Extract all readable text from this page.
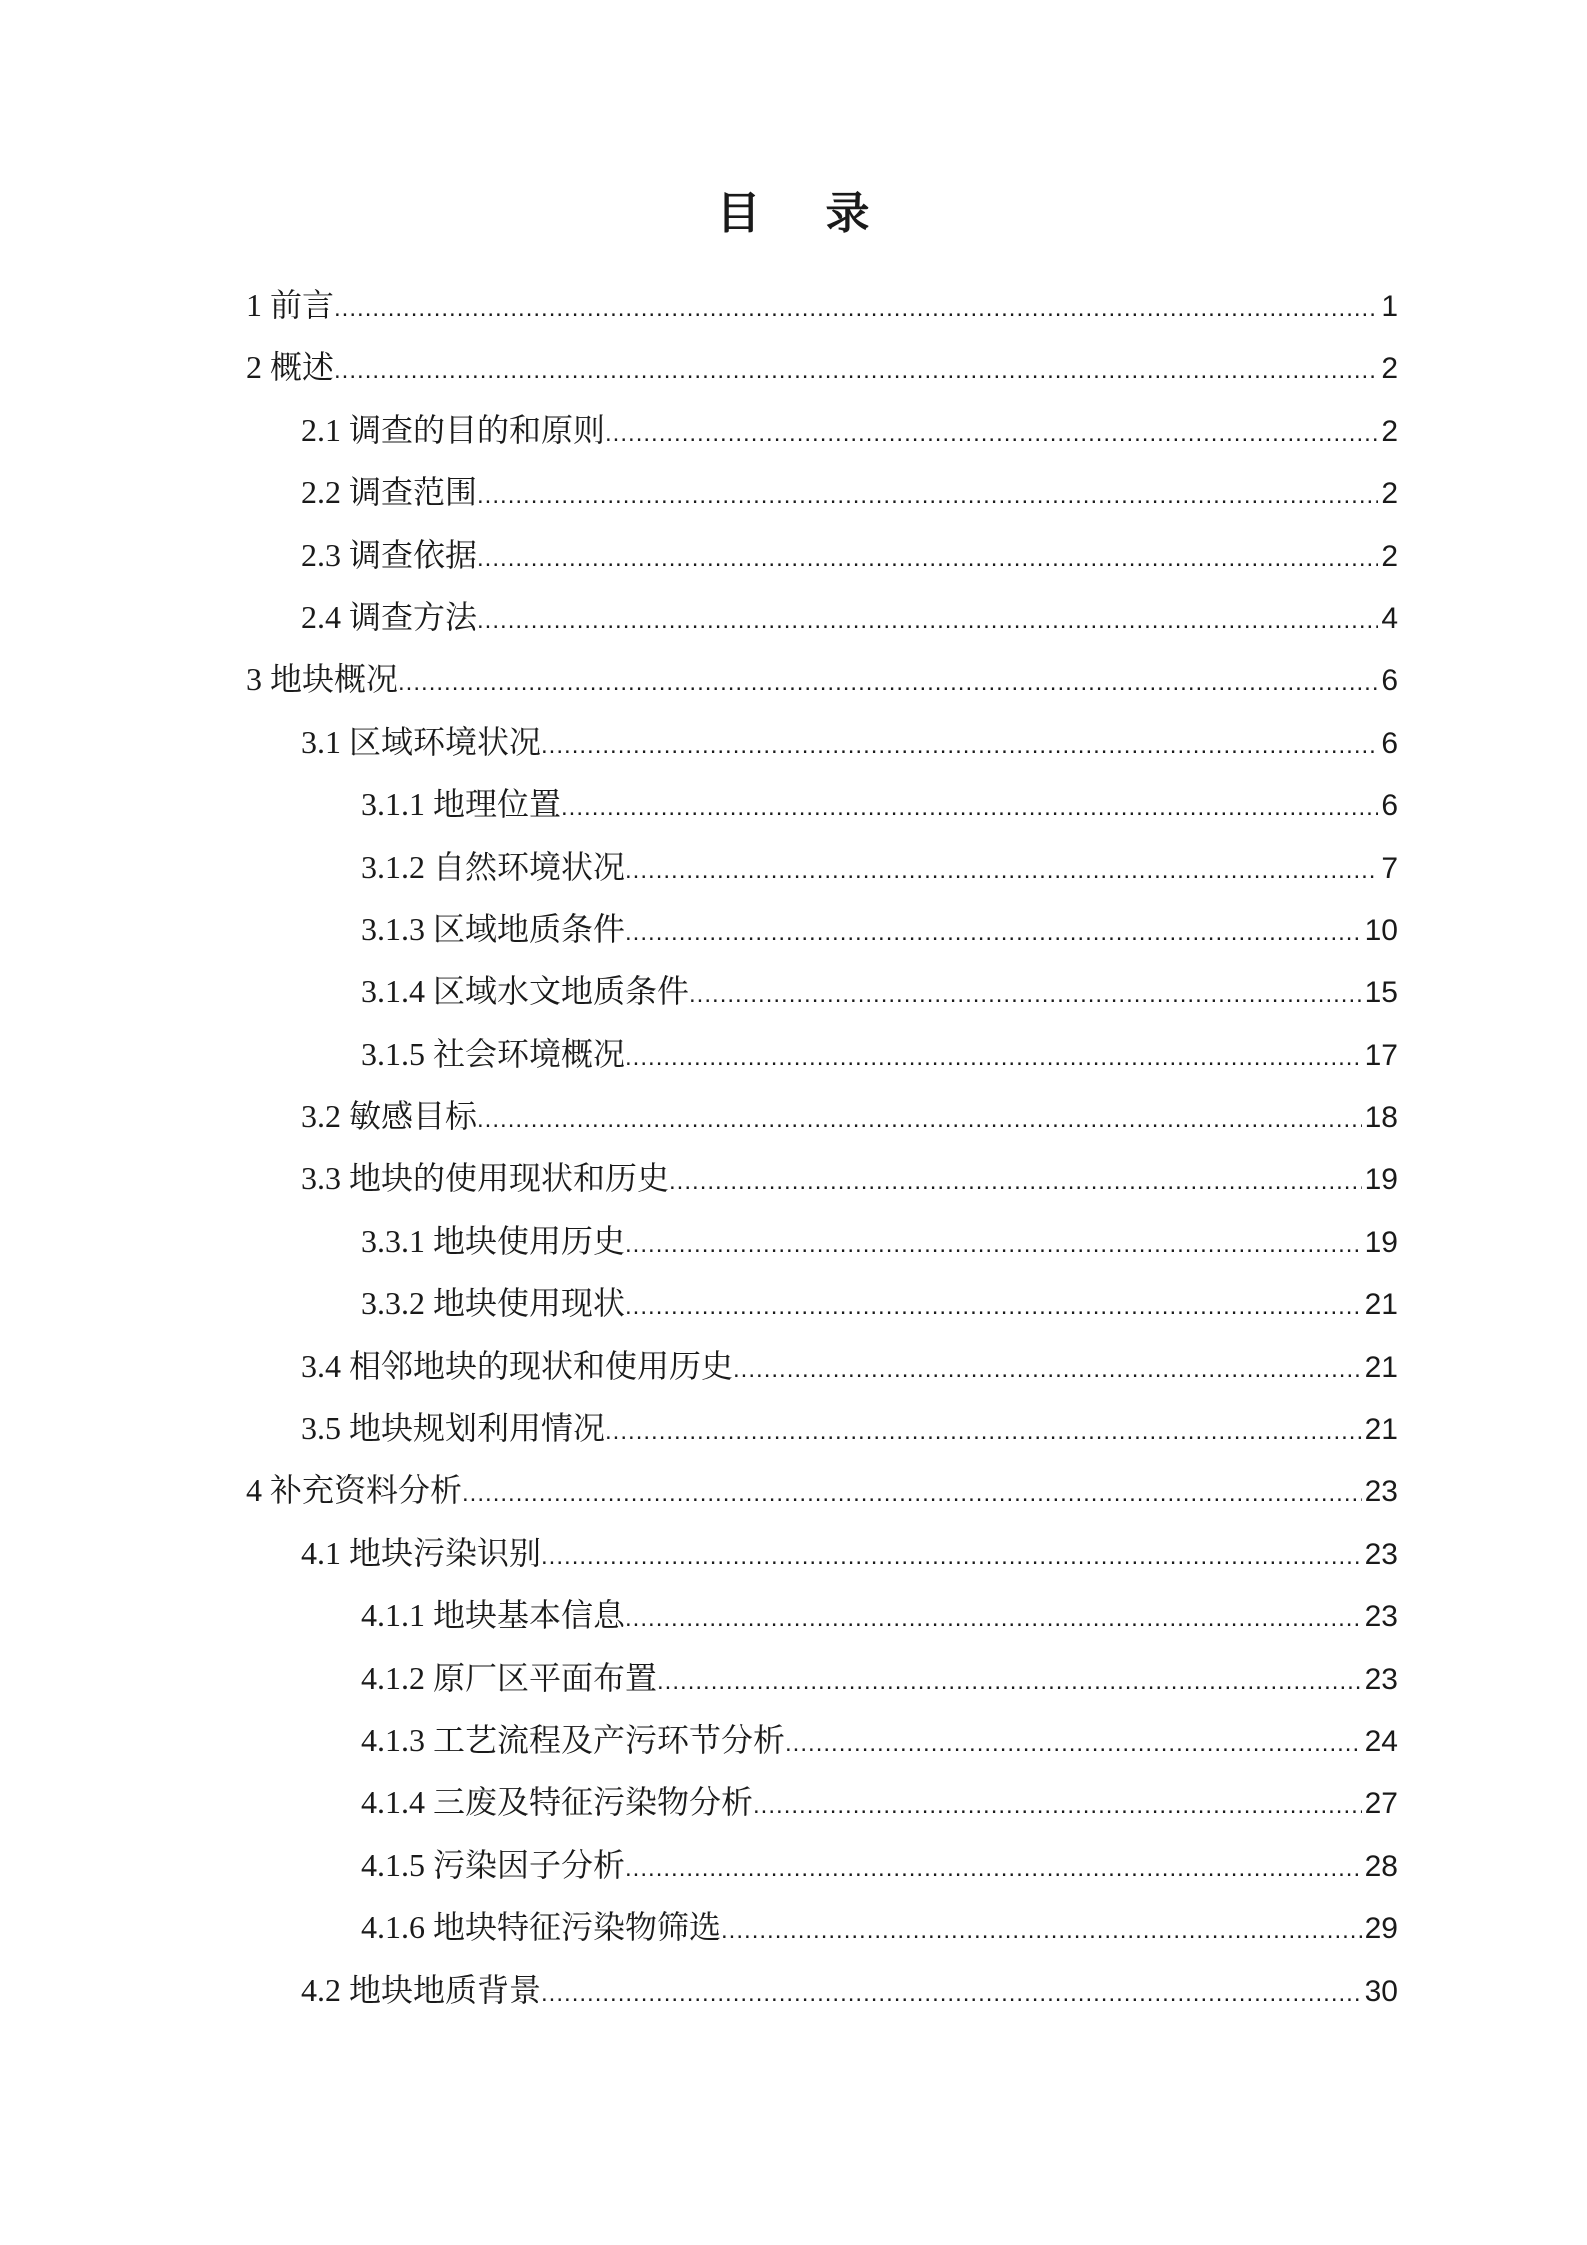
目 录
1 前言 .....	1
2 概述 .....	2
2.1 调查的目的和原则 .....	2
2.2 调查范围 .....	2
2.3 调查依据 .....	2
2.4 调查方法 .....	4
3 地块概况 .....	6
3.1 区域环境状况 .....	6
3.1.1 地理位置 .....	6
3.1.2 自然环境状况 .....	7
3.1.3 区域地质条件 .....	10
3.1.4 区域水文地质条件 .....	15
3.1.5 社会环境概况 .....	17
3.2 敏感目标 .....	18
3.3 地块的使用现状和历史 .....	19
3.3.1 地块使用历史 .....	19
3.3.2 地块使用现状 .....	21
3.4 相邻地块的现状和使用历史 .....	21
3.5 地块规划利用情况 .....	21
4 补充资料分析 .....	23
4.1 地块污染识别 .....	23
4.1.1 地块基本信息 .....	23
4.1.2 原厂区平面布置 .....	23
4.1.3 工艺流程及产污环节分析 .....	24
4.1.4 三废及特征污染物分析 .....	27
4.1.5 污染因子分析 .....	28
4.1.6 地块特征污染物筛选 .....	29
4.2 地块地质背景 .....	30
